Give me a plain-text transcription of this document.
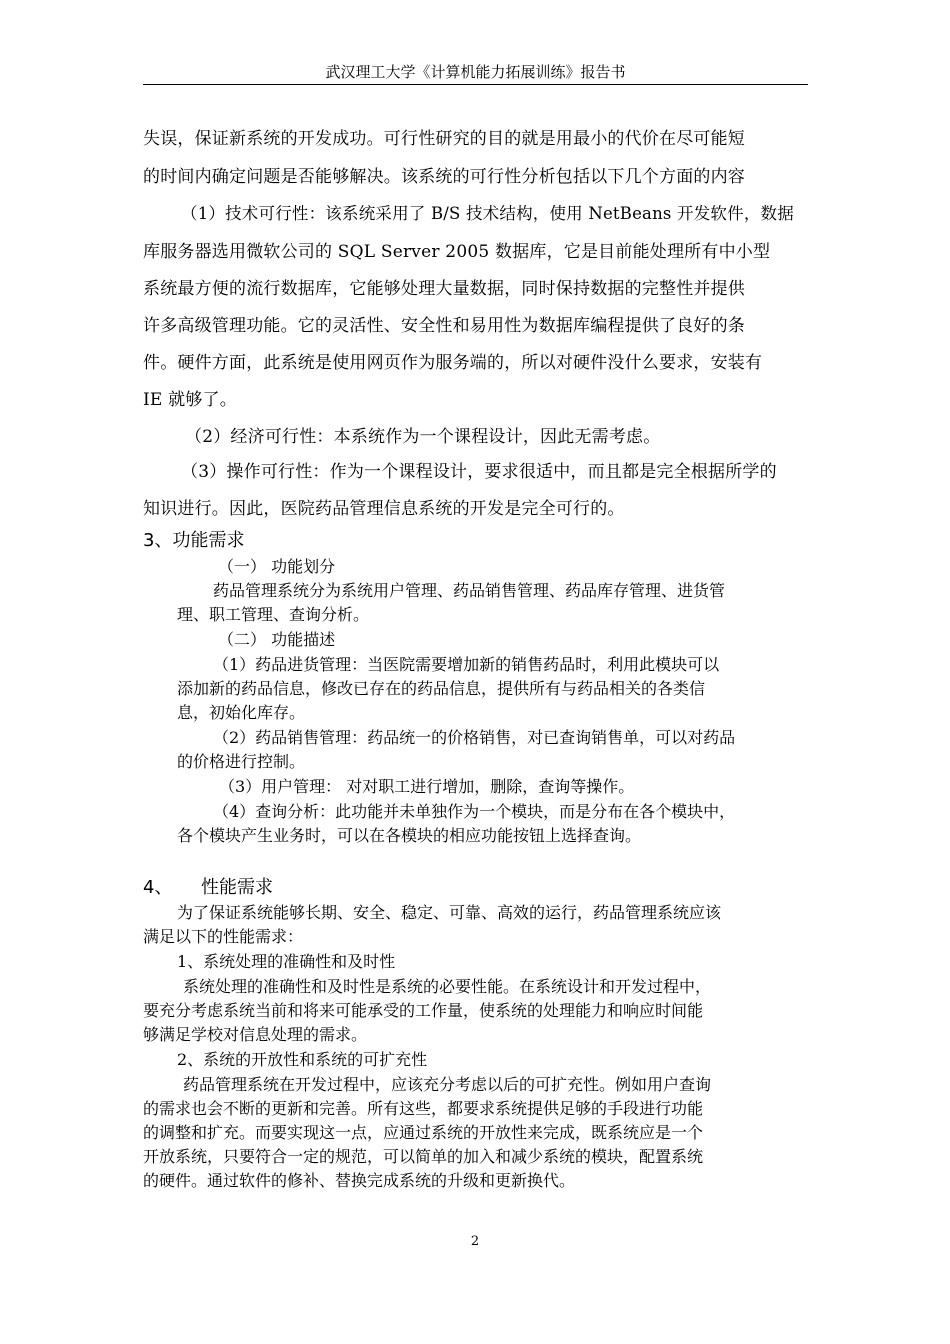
武汉理工大学《计算机能力拓展训练》报告书
失误，保证新系统的开发成功。可行性研究的目的就是用最小的代价在尽可能短
的时间内确定问题是否能够解决。该系统的可行性分析包括以下几个方面的内容
（1）技术可行性：该系统采用了 B/S 技术结构，使用 NetBeans 开发软件，数据
库服务器选用微软公司的 SQL Server 2005 数据库，它是目前能处理所有中小型
系统最方便的流行数据库，它能够处理大量数据，同时保持数据的完整性并提供
许多高级管理功能。它的灵活性、安全性和易用性为数据库编程提供了良好的条
件。硬件方面，此系统是使用网页作为服务端的，所以对硬件没什么要求，安装有
IE 就够了。
（2）经济可行性：本系统作为一个课程设计，因此无需考虑。
（3）操作可行性：作为一个课程设计，要求很适中，而且都是完全根据所学的
知识进行。因此，医院药品管理信息系统的开发是完全可行的。
3、功能需求
（一） 功能划分
药品管理系统分为系统用户管理、药品销售管理、药品库存管理、进货管
理、职工管理、查询分析。
（二） 功能描述
（1）药品进货管理：当医院需要增加新的销售药品时，利用此模块可以
添加新的药品信息，修改已存在的药品信息，提供所有与药品相关的各类信
息，初始化库存。
（2）药品销售管理：药品统一的价格销售，对已查询销售单，可以对药品
的价格进行控制。
（3）用户管理： 对对职工进行增加，删除，查询等操作。
（4）查询分析：此功能并未单独作为一个模块，而是分布在各个模块中，
各个模块产生业务时，可以在各模块的相应功能按钮上选择查询。
4、 性能需求
为了保证系统能够长期、安全、稳定、可靠、高效的运行，药品管理系统应该
满足以下的性能需求：
1、系统处理的准确性和及时性
系统处理的准确性和及时性是系统的必要性能。在系统设计和开发过程中，
要充分考虑系统当前和将来可能承受的工作量，使系统的处理能力和响应时间能
够满足学校对信息处理的需求。
2、系统的开放性和系统的可扩充性
药品管理系统在开发过程中，应该充分考虑以后的可扩充性。例如用户查询
的需求也会不断的更新和完善。所有这些，都要求系统提供足够的手段进行功能
的调整和扩充。而要实现这一点，应通过系统的开放性来完成，既系统应是一个
开放系统，只要符合一定的规范，可以简单的加入和减少系统的模块，配置系统
的硬件。通过软件的修补、替换完成系统的升级和更新换代。
2
